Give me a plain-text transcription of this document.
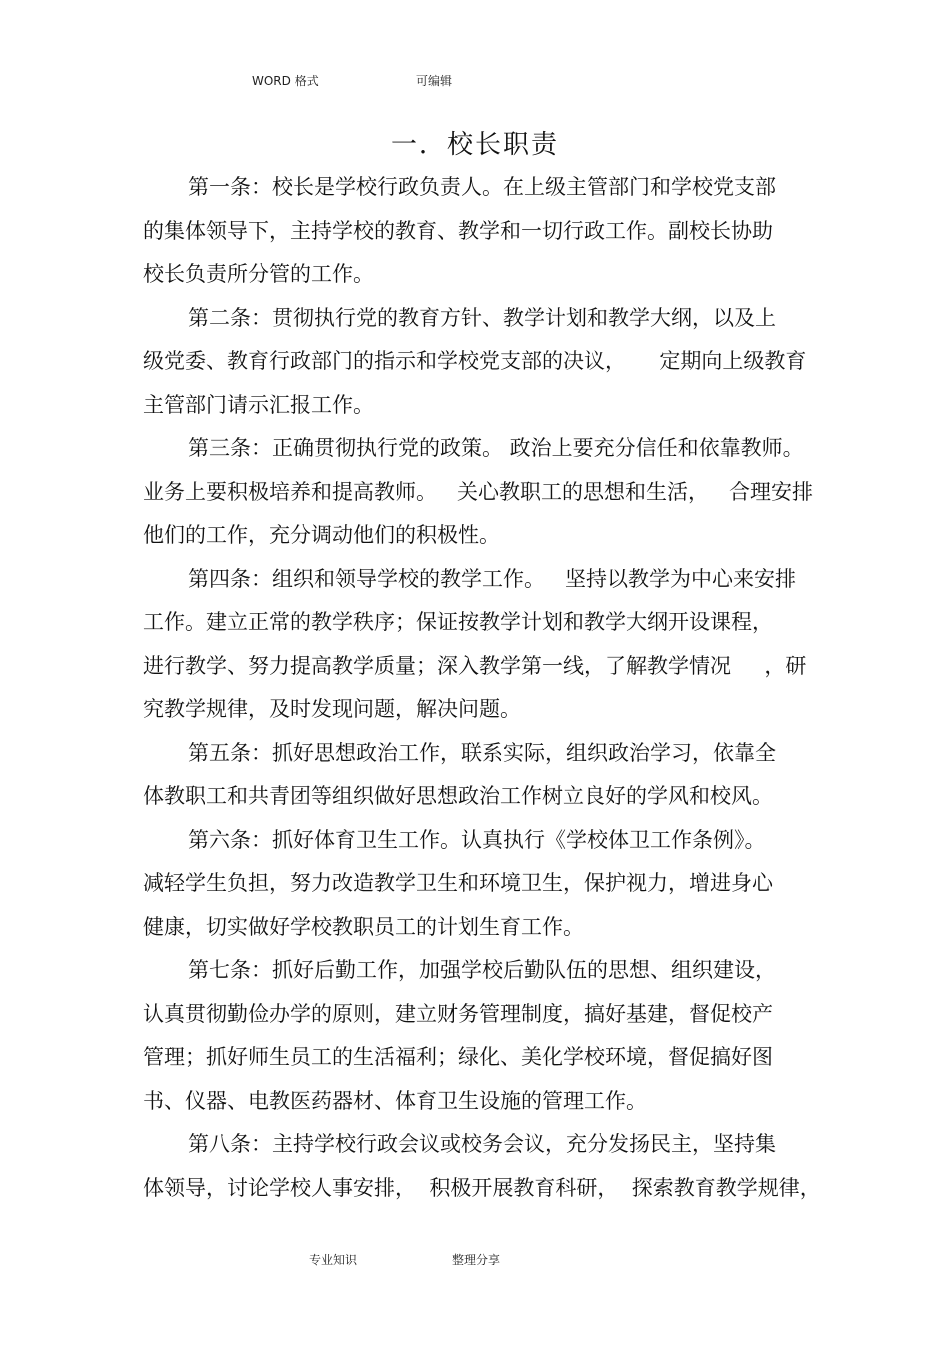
WORD 格式	可编辑
一．校长职责
第一条：校长是学校行政负责人。在上级主管部门和学校党支部
的集体领导下，主持学校的教育、教学和一切行政工作。副校长协助
校长负责所分管的工作。
第二条：贯彻执行党的教育方针、教学计划和教学大纲，以及上
级党委、教育行政部门的指示和学校党支部的决议，     定期向上级教育
主管部门请示汇报工作。
第三条：正确贯彻执行党的政策。 政治上要充分信任和依靠教师。
业务上要积极培养和提高教师。   关心教职工的思想和生活，   合理安排
他们的工作，充分调动他们的积极性。
第四条：组织和领导学校的教学工作。   坚持以教学为中心来安排
工作。建立正常的教学秩序；保证按教学计划和教学大纲开设课程，
进行教学、努力提高教学质量；深入教学第一线，了解教学情况     ，研
究教学规律，及时发现问题，解决问题。
第五条：抓好思想政治工作，联系实际，组织政治学习，依靠全
体教职工和共青团等组织做好思想政治工作树立良好的学风和校风。
第六条：抓好体育卫生工作。认真执行《学校体卫工作条例》。
减轻学生负担，努力改造教学卫生和环境卫生，保护视力，增进身心
健康，切实做好学校教职员工的计划生育工作。
第七条：抓好后勤工作，加强学校后勤队伍的思想、组织建设，
认真贯彻勤俭办学的原则，建立财务管理制度，搞好基建，督促校产
管理；抓好师生员工的生活福利；绿化、美化学校环境，督促搞好图
书、仪器、电教医药器材、体育卫生设施的管理工作。
第八条：主持学校行政会议或校务会议，充分发扬民主，坚持集
体领导，讨论学校人事安排，  积极开展教育科研，  探索教育教学规律，
专业知识	整理分享
